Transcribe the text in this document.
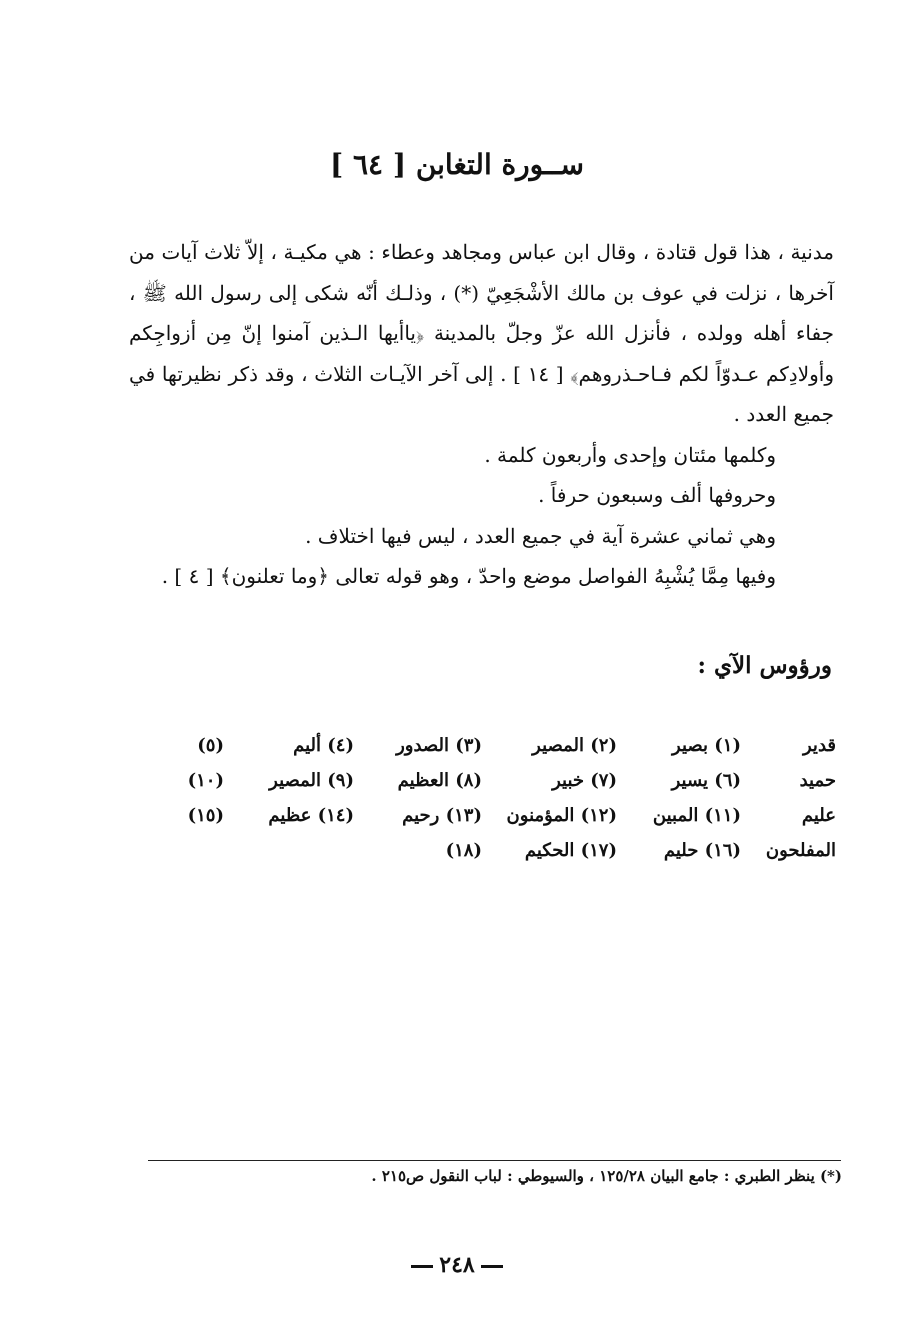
ســورة التغابن [ ٦٤ ]

مدنية ، هذا قول قتادة ، وقال ابن عباس ومجاهد وعطاء : هي مكيـة ، إلاّ ثلاث آيات من آخرها ، نزلت في عوف بن مالك الأشْجَعِيّ (*) ، وذلـك أنّه شكى إلى رسول الله ﷺ ، جفاء أهله وولده ، فأنزل الله عزّ وجلّ بالمدينة ﴿ياأيها الـذين آمنوا إنّ مِن أزواجِكم وأولادِكم عـدوّاً لكم فـاحـذروهم﴾ [ ١٤ ] . إلى آخر الآيـات الثلاث ، وقد ذكر نظيرتها في جميع العدد .

وكلمها مئتان وإحدى وأربعون كلمة .

وحروفها ألف وسبعون حرفاً .

وهي ثماني عشرة آية في جميع العدد ، ليس فيها اختلاف .

وفيها مِمَّا يُشْبِهُ الفواصل موضع واحدّ ، وهو قوله تعالى ﴿وما تعلنون﴾ [ ٤ ] .

ورؤوس الآي :
قدير
(١) بصير
(٢) المصير
(٣) الصدور
(٤) أليم
(٥)
حميد
(٦) يسير
(٧) خبير
(٨) العظيم
(٩) المصير
(١٠)
عليم
(١١) المبين
(١٢) المؤمنون
(١٣) رحيم
(١٤) عظيم
(١٥)
المفلحون
(١٦) حليم
(١٧) الحكيم
(١٨)
(*) ينظر الطبري : جامع البيان ١٢٥/٢٨ ، والسيوطي : لباب النقول ص٢١٥ .
٢٤٨
